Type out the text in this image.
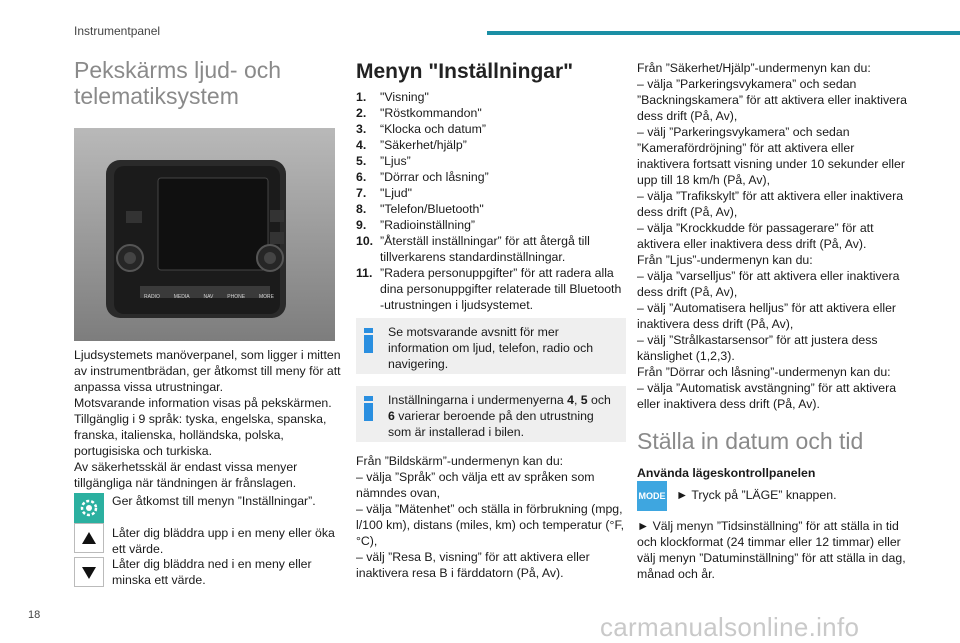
Instrumentpanel
Pekskärms ljud- och telematiksystem
RADIO	MEDIA	NAV	PHONE	MORE

Ljudsystemets manöverpanel, som ligger i mitten av instrumentbrädan, ger åtkomst till meny för att anpassa vissa utrustningar.

Motsvarande information visas på pekskärmen.

Tillgänglig i 9 språk: tyska, engelska, spanska, franska, italienska, holländska, polska, portugisiska och turkiska.

Av säkerhetsskäl är endast vissa menyer tillgängliga när tändningen är frånslagen.

Ger åtkomst till menyn ”Inställningar”.
Låter dig bläddra upp i en meny eller öka ett värde.
Låter dig bläddra ned i en meny eller minska ett värde.
Menyn "Inställningar"
1.	"Visning"
2.	"Röstkommandon"
3.	“Klocka och datum”
4.	”Säkerhet/hjälp”
5.	”Ljus”
6.	”Dörrar och låsning”
7.	"Ljud"
8.	"Telefon/Bluetooth"
9.	”Radioinställning”
10. ”Återställ inställningar” för att återgå till tillverkarens standardinställningar.
11. ”Radera personuppgifter” för att radera alla dina personuppgifter relaterade till Bluetooth -utrustningen i ljudsystemet.
Se motsvarande avsnitt för mer information om ljud, telefon, radio och navigering.
Inställningarna i undermenyerna 4, 5 och 6 varierar beroende på den utrustning som är installerad i bilen.

Från ”Bildskärm”-undermenyn kan du:

– välja ”Språk” och välja ett av språken som nämndes ovan,

– välja ”Mätenhet” och ställa in förbrukning (mpg, l/100 km), distans (miles, km) och temperatur (°F, °C),

– välj ”Resa B, visning” för att aktivera eller inaktivera resa B i färddatorn (På, Av).

Från ”Säkerhet/Hjälp”-undermenyn kan du:

– välja ”Parkeringsvykamera” och sedan ”Backningskamera” för att aktivera eller inaktivera dess drift (På, Av),

– välj ”Parkeringsvykamera” och sedan ”Kamerafördröjning” för att aktivera eller inaktivera fortsatt visning under 10 sekunder eller upp till 18 km/h (På, Av),

– välja ”Trafikskylt” för att aktivera eller inaktivera dess drift (På, Av),

– välja ”Krockkudde för passagerare” för att aktivera eller inaktivera dess drift (På, Av).

Från ”Ljus”-undermenyn kan du:

– välja ”varselljus” för att aktivera eller inaktivera dess drift (På, Av),

– välj ”Automatisera helljus” för att aktivera eller inaktivera dess drift (På, Av),

– välj ”Strålkastarsensor” för att justera dess känslighet (1,2,3).

Från ”Dörrar och låsning”-undermenyn kan du:

– välja ”Automatisk avstängning” för att aktivera eller inaktivera dess drift (På, Av).

Ställa in datum och tid
Använda lägeskontrollpanelen
MODE ► Tryck på ”LÄGE” knappen.
► Välj menyn ”Tidsinställning” för att ställa in tid och klockformat (24 timmar eller 12 timmar) eller välj menyn ”Datuminställning” för att ställa in dag, månad och år.
18	carmanualsonline.info
